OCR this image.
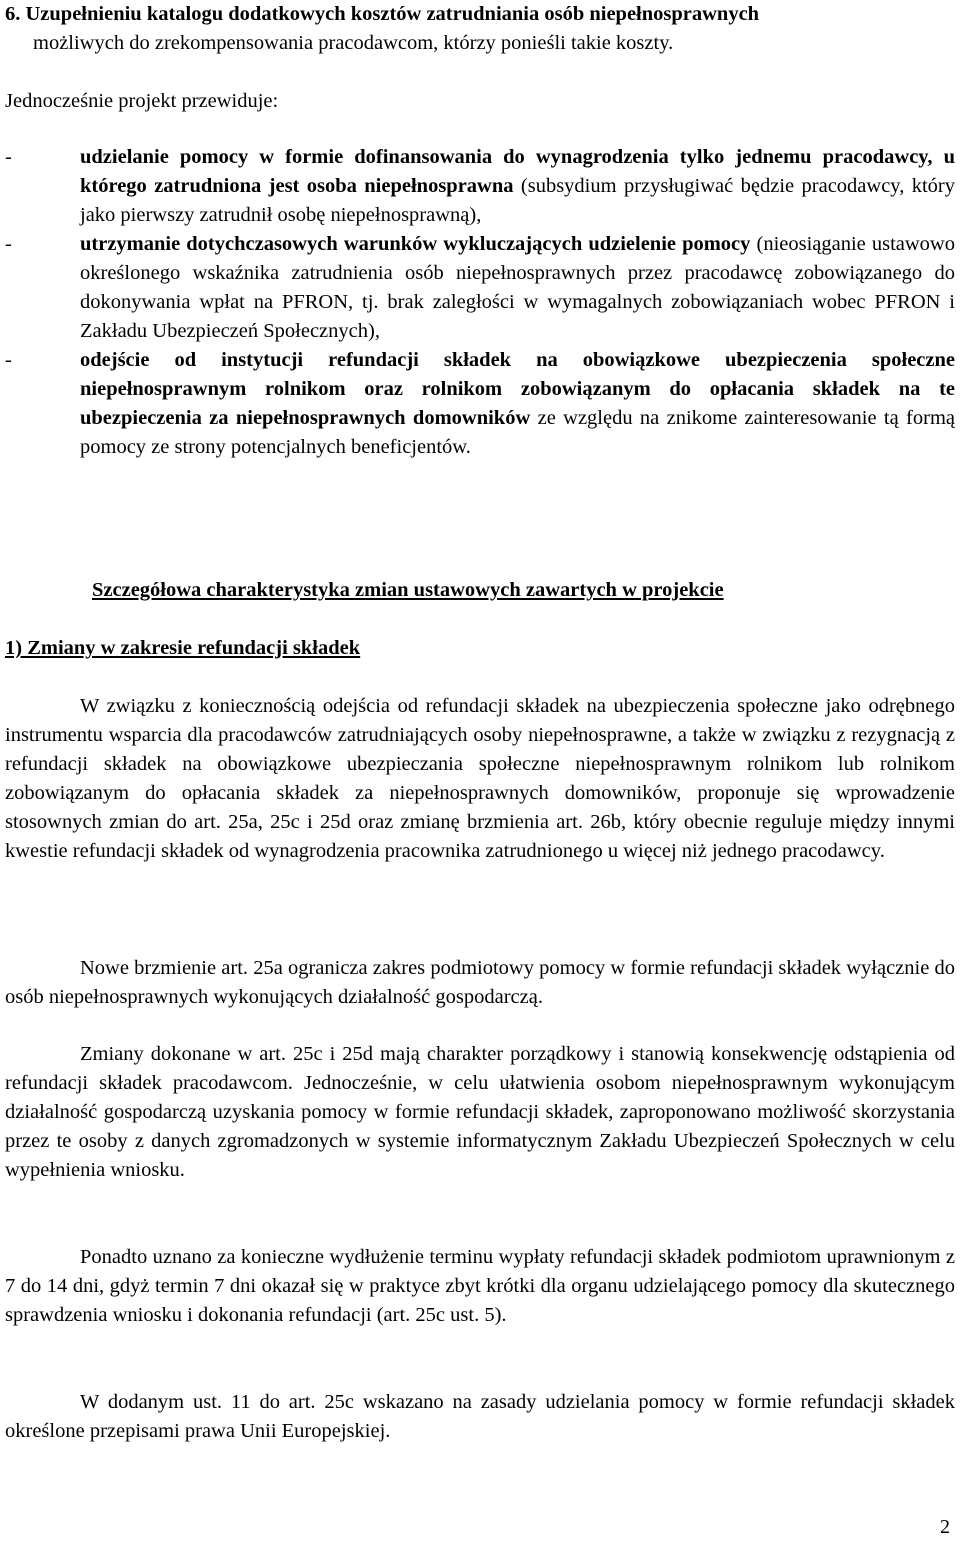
6. Uzupełnieniu katalogu dodatkowych kosztów zatrudniania osób niepełnosprawnych
możliwych do zrekompensowania pracodawcom, którzy ponieśli takie koszty.
Jednocześnie projekt przewiduje:
-	udzielanie pomocy w formie dofinansowania do wynagrodzenia tylko jednemu pracodawcy, u którego zatrudniona jest osoba niepełnosprawna (subsydium przysługiwać będzie pracodawcy, który jako pierwszy zatrudnił osobę niepełnosprawną),
-	utrzymanie dotychczasowych warunków wykluczających udzielenie pomocy (nieosiąganie ustawowo określonego wskaźnika zatrudnienia osób niepełnosprawnych przez pracodawcę zobowiązanego do dokonywania wpłat na PFRON, tj. brak zaległości w wymagalnych zobowiązaniach wobec PFRON i Zakładu Ubezpieczeń Społecznych),
-	odejście od instytucji refundacji składek na obowiązkowe ubezpieczenia społeczne niepełnosprawnym rolnikom oraz rolnikom zobowiązanym do opłacania składek na te ubezpieczenia za niepełnosprawnych domowników ze względu na znikome zainteresowanie tą formą pomocy ze strony potencjalnych beneficjentów.
Szczegółowa charakterystyka zmian ustawowych zawartych w projekcie
1) Zmiany w zakresie refundacji składek
W związku z koniecznością odejścia od refundacji składek na ubezpieczenia społeczne jako odrębnego instrumentu wsparcia dla pracodawców zatrudniających osoby niepełnosprawne, a także w związku z rezygnacją z refundacji składek na obowiązkowe ubezpieczania społeczne niepełnosprawnym rolnikom lub rolnikom zobowiązanym do opłacania składek za niepełnosprawnych domowników, proponuje się wprowadzenie stosownych zmian do art. 25a, 25c i 25d oraz zmianę brzmienia art. 26b, który obecnie reguluje między innymi kwestie refundacji składek od wynagrodzenia pracownika zatrudnionego u więcej niż jednego pracodawcy.
Nowe brzmienie art. 25a ogranicza zakres podmiotowy pomocy w formie refundacji składek wyłącznie do osób niepełnosprawnych wykonujących działalność gospodarczą.
Zmiany dokonane w art. 25c i 25d mają charakter porządkowy i stanowią konsekwencję odstąpienia od refundacji składek pracodawcom. Jednocześnie, w celu ułatwienia osobom niepełnosprawnym wykonującym działalność gospodarczą uzyskania pomocy w formie refundacji składek, zaproponowano możliwość skorzystania przez te osoby z danych zgromadzonych w systemie informatycznym Zakładu Ubezpieczeń Społecznych w celu wypełnienia wniosku.
Ponadto uznano za konieczne wydłużenie terminu wypłaty refundacji składek podmiotom uprawnionym z 7 do 14 dni, gdyż termin 7 dni okazał się w praktyce zbyt krótki dla organu udzielającego pomocy dla skutecznego sprawdzenia wniosku i dokonania refundacji (art. 25c ust. 5).
W dodanym ust. 11 do art. 25c wskazano na zasady udzielania pomocy w formie refundacji składek określone przepisami prawa Unii Europejskiej.
2
